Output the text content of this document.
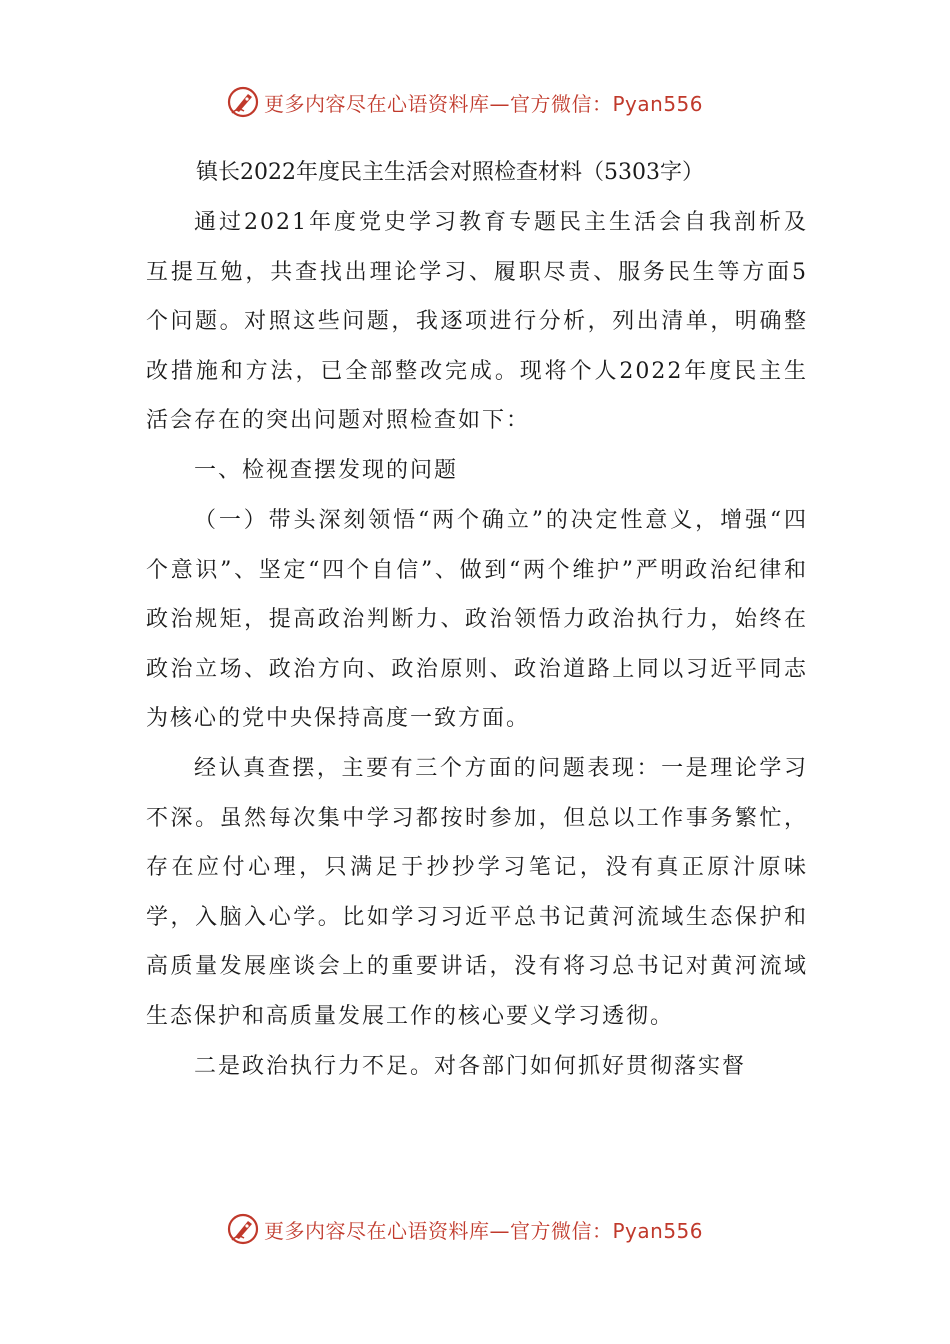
更多内容尽在心语资料库—官方微信：Pyan556

镇长2022年度民主生活会对照检查材料（5303字）

通过2021年度党史学习教育专题民主生活会自我剖析及互提互勉，共查找出理论学习、履职尽责、服务民生等方面5个问题。对照这些问题，我逐项进行分析，列出清单，明确整改措施和方法，已全部整改完成。现将个人2022年度民主生活会存在的突出问题对照检查如下：

一、检视查摆发现的问题

（一）带头深刻领悟“两个确立”的决定性意义，增强“四个意识”、坚定“四个自信”、做到“两个维护”严明政治纪律和政治规矩，提高政治判断力、政治领悟力政治执行力，始终在政治立场、政治方向、政治原则、政治道路上同以习近平同志为核心的党中央保持高度一致方面。

经认真查摆，主要有三个方面的问题表现：一是理论学习不深。虽然每次集中学习都按时参加，但总以工作事务繁忙，存在应付心理，只满足于抄抄学习笔记，没有真正原汁原味学，入脑入心学。比如学习习近平总书记黄河流域生态保护和高质量发展座谈会上的重要讲话，没有将习总书记对黄河流域生态保护和高质量发展工作的核心要义学习透彻。

二是政治执行力不足。对各部门如何抓好贯彻落实督

更多内容尽在心语资料库—官方微信：Pyan556
